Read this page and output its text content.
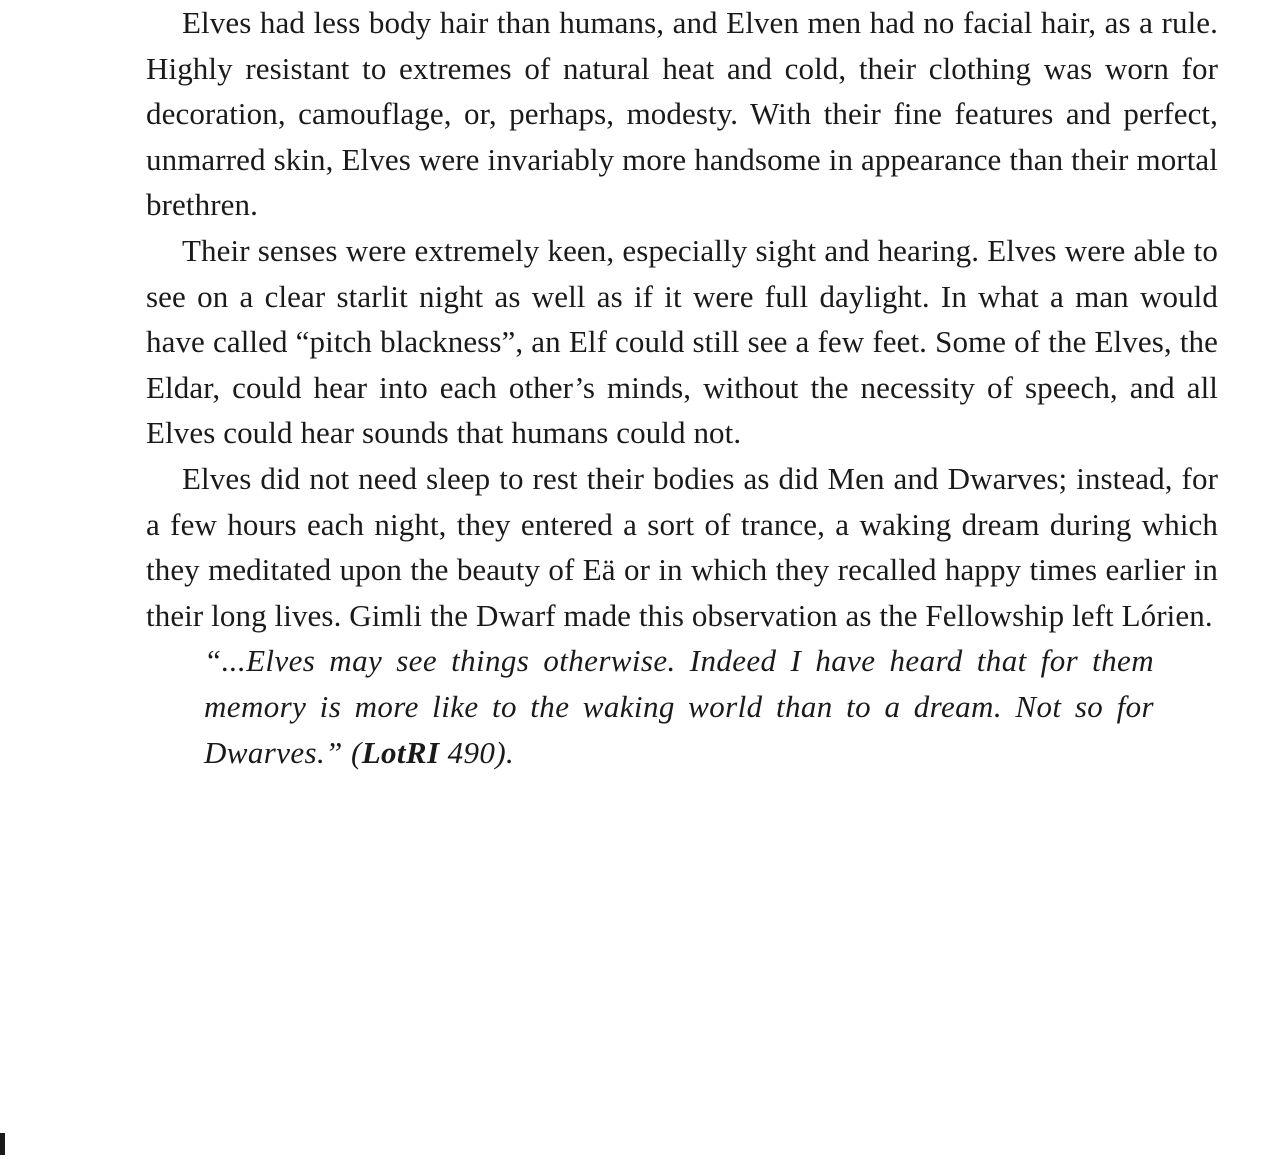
Elves had less body hair than humans, and Elven men had no facial hair, as a rule. Highly resistant to extremes of natural heat and cold, their clothing was worn for decoration, camouflage, or, perhaps, modesty. With their fine features and perfect, unmarred skin, Elves were invariably more handsome in appearance than their mortal brethren.

Their senses were extremely keen, especially sight and hearing. Elves were able to see on a clear starlit night as well as if it were full daylight. In what a man would have called “pitch blackness”, an Elf could still see a few feet. Some of the Elves, the Eldar, could hear into each other’s minds, without the necessity of speech, and all Elves could hear sounds that humans could not.

Elves did not need sleep to rest their bodies as did Men and Dwarves; instead, for a few hours each night, they entered a sort of trance, a waking dream during which they meditated upon the beauty of Eä or in which they recalled happy times earlier in their long lives. Gimli the Dwarf made this observation as the Fellowship left Lórien.

“...Elves may see things otherwise. Indeed I have heard that for them memory is more like to the waking world than to a dream. Not so for Dwarves.” (LotRI 490).
